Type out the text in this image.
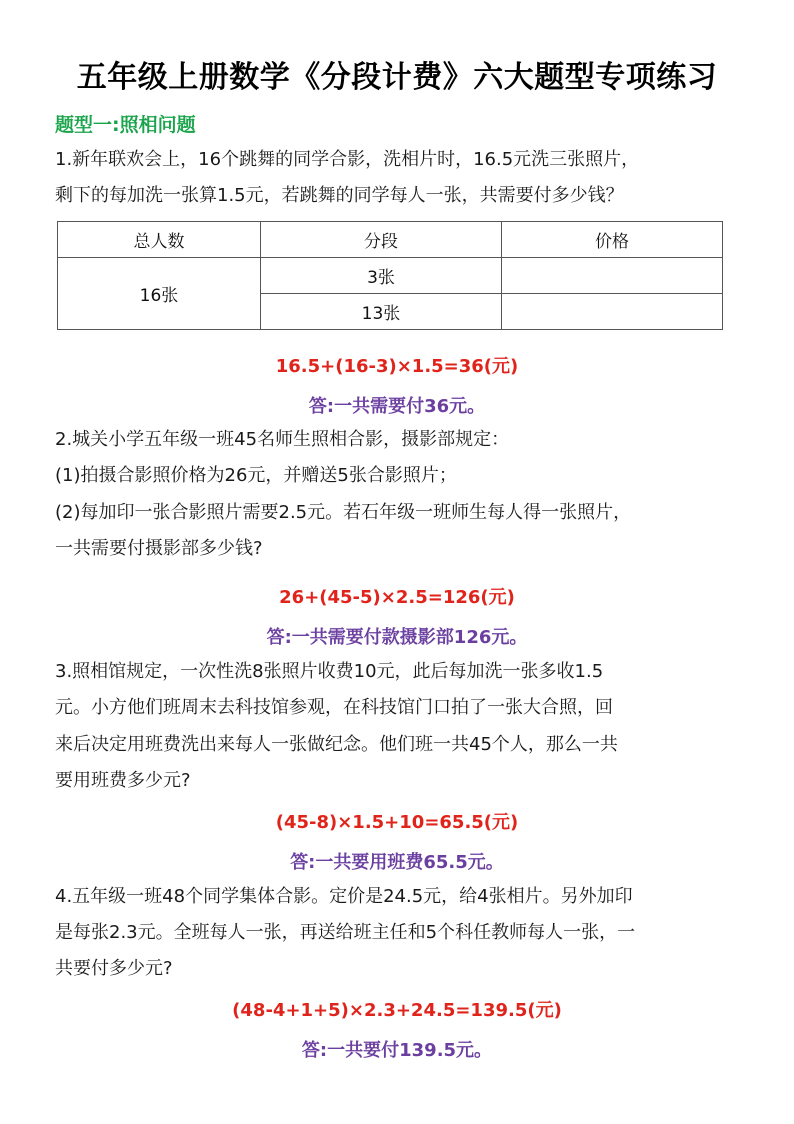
五年级上册数学《分段计费》六大题型专项练习
题型一:照相问题
1.新年联欢会上，16个跳舞的同学合影，洗相片时，16.5元洗三张照片，
剩下的每加洗一张算1.5元，若跳舞的同学每人一张，共需要付多少钱？
总人数	分段	价格
16张	3张	
	13张	
16.5+(16-3)×1.5=36(元)
答:一共需要付36元。
2.城关小学五年级一班45名师生照相合影，摄影部规定：
(1)拍摄合影照价格为26元，并赠送5张合影照片；
(2)每加印一张合影照片需要2.5元。若石年级一班师生每人得一张照片，
一共需要付摄影部多少钱?
26+(45-5)×2.5=126(元)
答:一共需要付款摄影部126元。
3.照相馆规定，一次性洗8张照片收费10元，此后每加洗一张多收1.5
元。小方他们班周末去科技馆参观，在科技馆门口拍了一张大合照，回
来后决定用班费洗出来每人一张做纪念。他们班一共45个人，那么一共
要用班费多少元?
(45-8)×1.5+10=65.5(元)
答:一共要用班费65.5元。
4.五年级一班48个同学集体合影。定价是24.5元，给4张相片。另外加印
是每张2.3元。全班每人一张，再送给班主任和5个科任教师每人一张，一
共要付多少元?
(48-4+1+5)×2.3+24.5=139.5(元)
答:一共要付139.5元。
